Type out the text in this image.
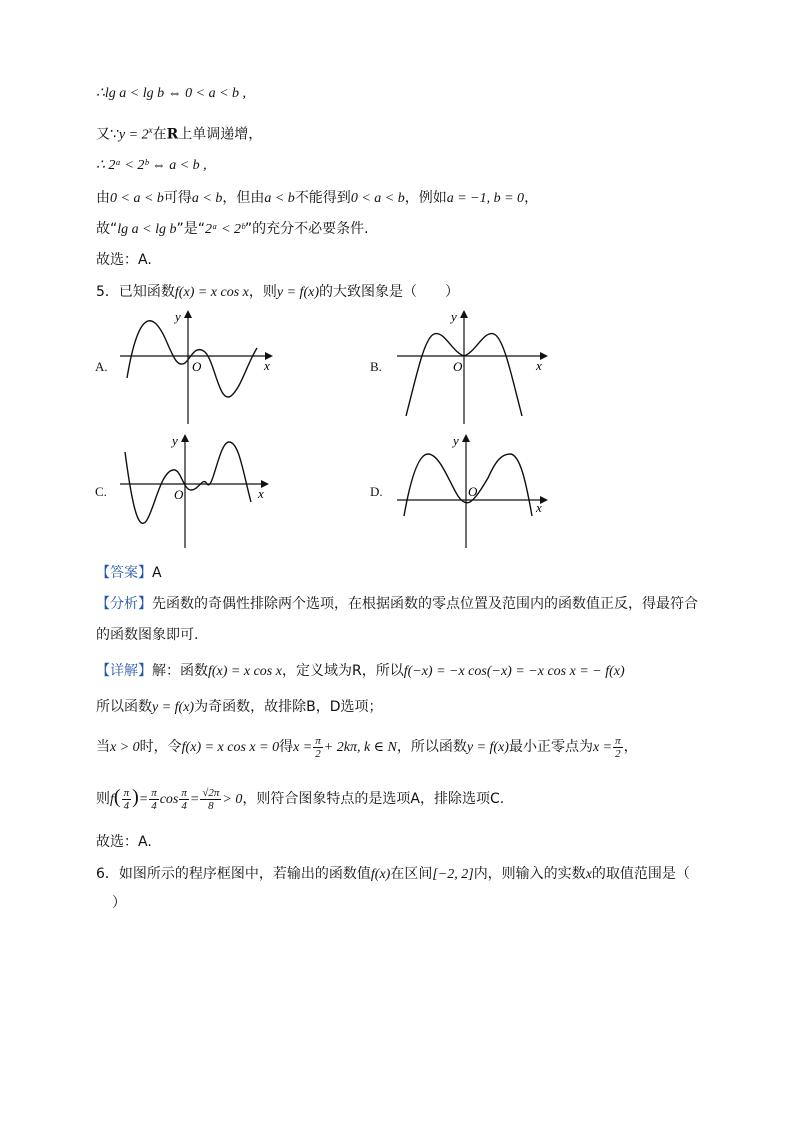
∴lg a < lg b ⇔ 0 < a < b ,
又∵y = $2^x$在R上单调递增，
∴ 2ᵃ < 2ᵇ ⇔ a < b ,
由0 < a < b可得a < b，但由a < b不能得到0 < a < b，例如a = −1, b = 0，
故“lg a < lg b”是“2ᵃ < 2ᵇ”的充分不必要条件.
故选：A.
5．已知函数f(x) = x cos x，则y = f(x)的大致图象是（　　）
A.	x
y
O	B.	x
y
O
C.	x
y
O	D.
x
y
O
【答案】A
【分析】先函数的奇偶性排除两个选项，在根据函数的零点位置及范围内的函数值正反，得最符合
的函数图象即可.
【详解】解：函数f(x) = x cos x，定义域为R，所以f(−x) = −x cos(−x) = −x cos x = − f(x)
所以函数y = f(x)为奇函数，故排除B，D选项；
当x > 0时，令f(x) = x cos x = 0得$x = \frac{\pi}{2} + 2k\pi$, k ∈ N，所以函数y = f(x)最小正零点为$x = \frac{\pi}{2}$ ，
则$f( \frac{\pi}{4}$ )= $\frac{\pi}{4}$ $\cos \frac{\pi}{4} = \frac{√2\pi}{8} > 0$，则符合图象特点的是选项A，排除选项C.
故选：A.
6．如图所示的程序框图中，若输出的函数值f(x)在区间[−2, 2]内，则输入的实数x的取值范围是（
）
